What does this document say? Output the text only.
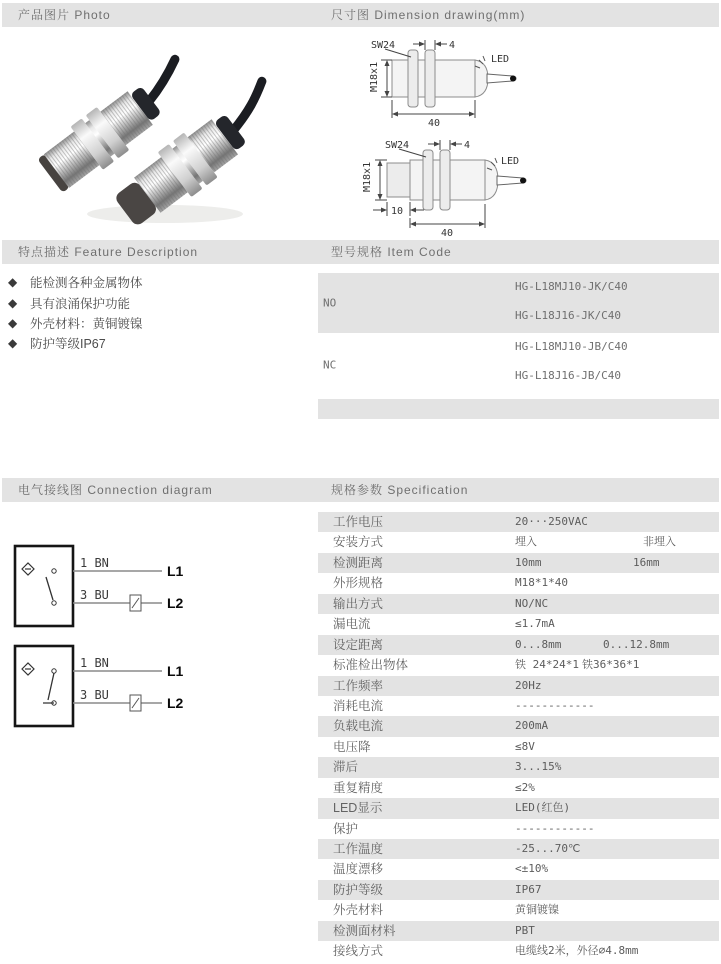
产品图片 Photo	尺寸图 Dimension drawing(mm)
SW24	4
M18x1
40
LED
SW24	4
M18x1
10
40
LED
特点描述 Feature Description	型号规格 Item Code
◆	能检测各种金属物体
◆	具有浪涌保护功能
◆	外壳材料：黄铜镀镍
◆	防护等级IP67
NO
HG-L18MJ10-JK/C40
HG-L18J16-JK/C40
NC
HG-L18MJ10-JB/C40
HG-L18J16-JB/C40
电气接线图 Connection diagram	规格参数 Specification
1 BN	L1
3 BU	L2
1 BN	L1
3 BU	L2
工作电压	20···250VAC
安装方式	埋入	非埋入
检测距离	10mm	16mm
外形规格	M18*1*40
输出方式	NO/NC
漏电流	≤1.7mA
设定距离	0...8mm	0...12.8mm
标准检出物体	铁 24*24*1 铁36*36*1
工作频率	20Hz
消耗电流	------------
负载电流	200mA
电压降	≤8V
滞后	3...15%
重复精度	≤2%
LED显示	LED(红色)
保护	------------
工作温度	-25...70℃
温度漂移	<±10%
防护等级	IP67
外壳材料	黄铜镀镍
检测面材料	PBT
接线方式	电缆线2米，外径∅4.8mm
